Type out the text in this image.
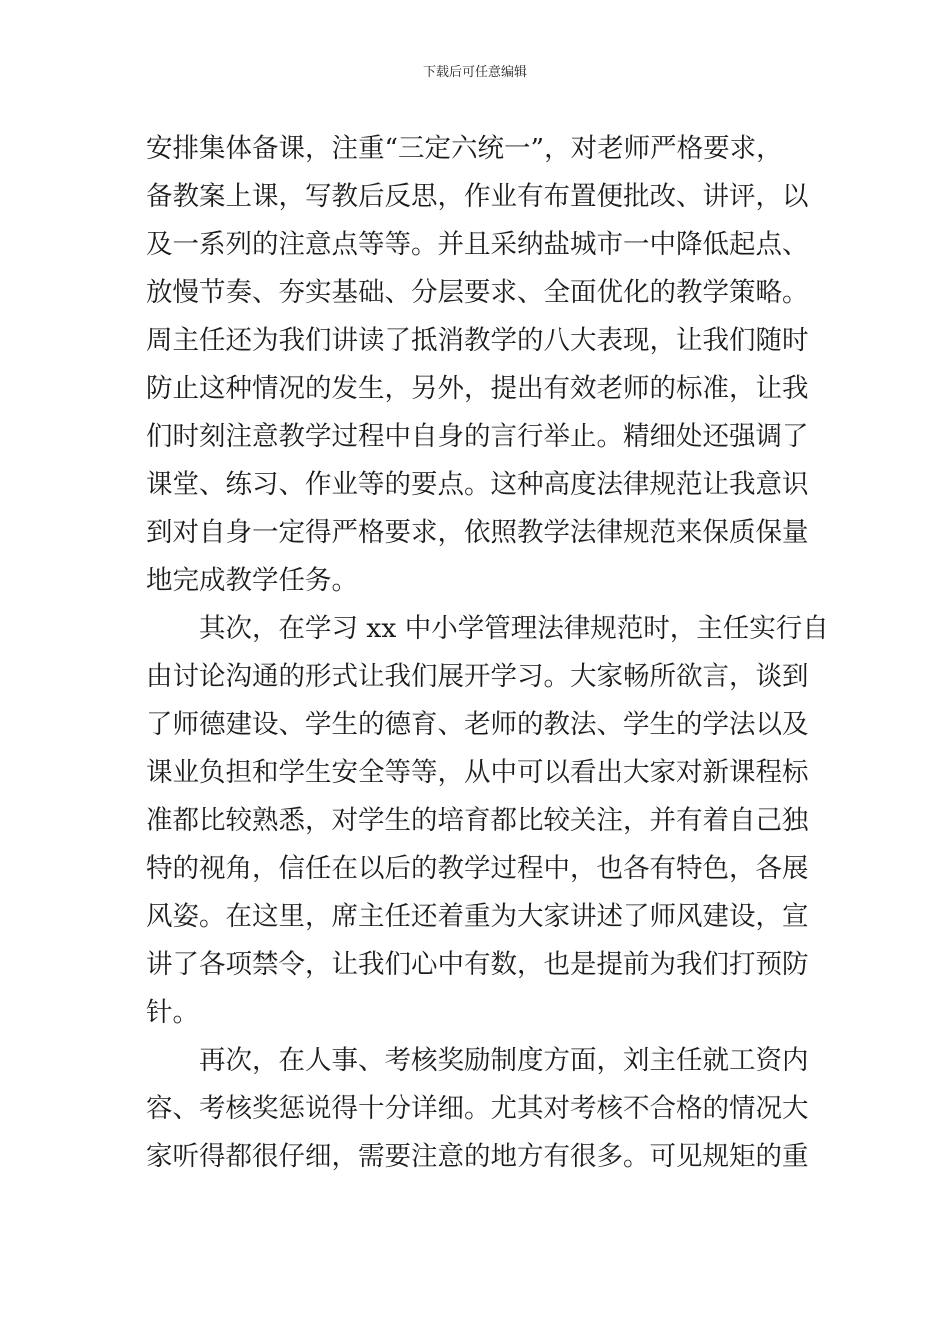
下载后可任意编辑
安排集体备课，注重“三定六统一”，对老师严格要求，
备教案上课，写教后反思，作业有布置便批改、讲评，以
及一系列的注意点等等。并且采纳盐城市一中降低起点、
放慢节奏、夯实基础、分层要求、全面优化的教学策略。
周主任还为我们讲读了抵消教学的八大表现，让我们随时
防止这种情况的发生，另外，提出有效老师的标准，让我
们时刻注意教学过程中自身的言行举止。精细处还强调了
课堂、练习、作业等的要点。这种高度法律规范让我意识
到对自身一定得严格要求，依照教学法律规范来保质保量
地完成教学任务。
其次，在学习 xx 中小学管理法律规范时，主任实行自
由讨论沟通的形式让我们展开学习。大家畅所欲言，谈到
了师德建设、学生的德育、老师的教法、学生的学法以及
课业负担和学生安全等等，从中可以看出大家对新课程标
准都比较熟悉，对学生的培育都比较关注，并有着自己独
特的视角，信任在以后的教学过程中，也各有特色，各展
风姿。在这里，席主任还着重为大家讲述了师风建设，宣
讲了各项禁令，让我们心中有数，也是提前为我们打预防
针。
再次，在人事、考核奖励制度方面，刘主任就工资内
容、考核奖惩说得十分详细。尤其对考核不合格的情况大
家听得都很仔细，需要注意的地方有很多。可见规矩的重
